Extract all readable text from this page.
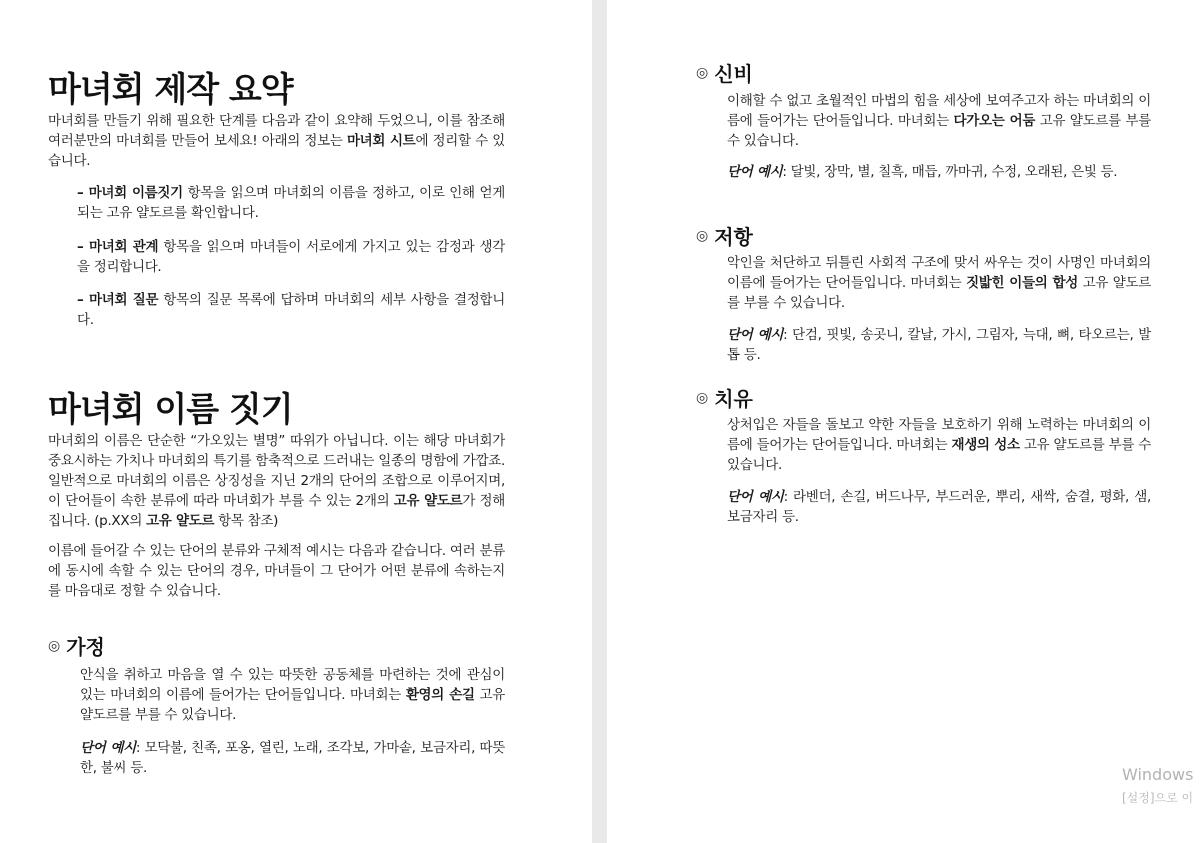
마녀회 제작 요약

마녀회를 만들기 위해 필요한 단계를 다음과 같이 요약해 두었으니, 이를 참조해 여러분만의 마녀회를 만들어 보세요! 아래의 정보는 마녀회 시트에 정리할 수 있습니다.

– 마녀회 이름짓기 항목을 읽으며 마녀회의 이름을 정하고, 이로 인해 얻게 되는 고유 얄도르를 확인합니다.

– 마녀회 관계 항목을 읽으며 마녀들이 서로에게 가지고 있는 감정과 생각을 정리합니다.

– 마녀회 질문 항목의 질문 목록에 답하며 마녀회의 세부 사항을 결정합니다.

마녀회 이름 짓기

마녀회의 이름은 단순한 “가오있는 별명” 따위가 아닙니다. 이는 해당 마녀회가 중요시하는 가치나 마녀회의 특기를 함축적으로 드러내는 일종의 명함에 가깝죠. 일반적으로 마녀회의 이름은 상징성을 지닌 2개의 단어의 조합으로 이루어지며, 이 단어들이 속한 분류에 따라 마녀회가 부를 수 있는 2개의 고유 얄도르가 정해집니다. (p.XX의 고유 얄도르 항목 참조)

이름에 들어갈 수 있는 단어의 분류와 구체적 예시는 다음과 같습니다. 여러 분류에 동시에 속할 수 있는 단어의 경우, 마녀들이 그 단어가 어떤 분류에 속하는지를 마음대로 정할 수 있습니다.

◎ 가정

안식을 취하고 마음을 열 수 있는 따뜻한 공동체를 마련하는 것에 관심이 있는 마녀회의 이름에 들어가는 단어들입니다. 마녀회는 환영의 손길 고유 얄도르를 부를 수 있습니다.

단어 예시: 모닥불, 친족, 포옹, 열린, 노래, 조각보, 가마솥, 보금자리, 따뜻한, 불씨 등.

◎ 신비

이해할 수 없고 초월적인 마법의 힘을 세상에 보여주고자 하는 마녀회의 이름에 들어가는 단어들입니다. 마녀회는 다가오는 어둠 고유 얄도르를 부를 수 있습니다.

단어 예시: 달빛, 장막, 별, 칠흑, 매듭, 까마귀, 수정, 오래된, 은빛 등.

◎ 저항

악인을 처단하고 뒤틀린 사회적 구조에 맞서 싸우는 것이 사명인 마녀회의 이름에 들어가는 단어들입니다. 마녀회는 짓밟힌 이들의 합성 고유 얄도르를 부를 수 있습니다.

단어 예시: 단검, 핏빛, 송곳니, 칼날, 가시, 그림자, 늑대, 뼈, 타오르는, 발톱 등.

◎ 치유

상처입은 자들을 돌보고 약한 자들을 보호하기 위해 노력하는 마녀회의 이름에 들어가는 단어들입니다. 마녀회는 재생의 성소 고유 얄도르를 부를 수 있습니다.

단어 예시: 라벤더, 손길, 버드나무, 부드러운, 뿌리, 새싹, 숨결, 평화, 샘, 보금자리 등.

Windows
[설정]으로 이
